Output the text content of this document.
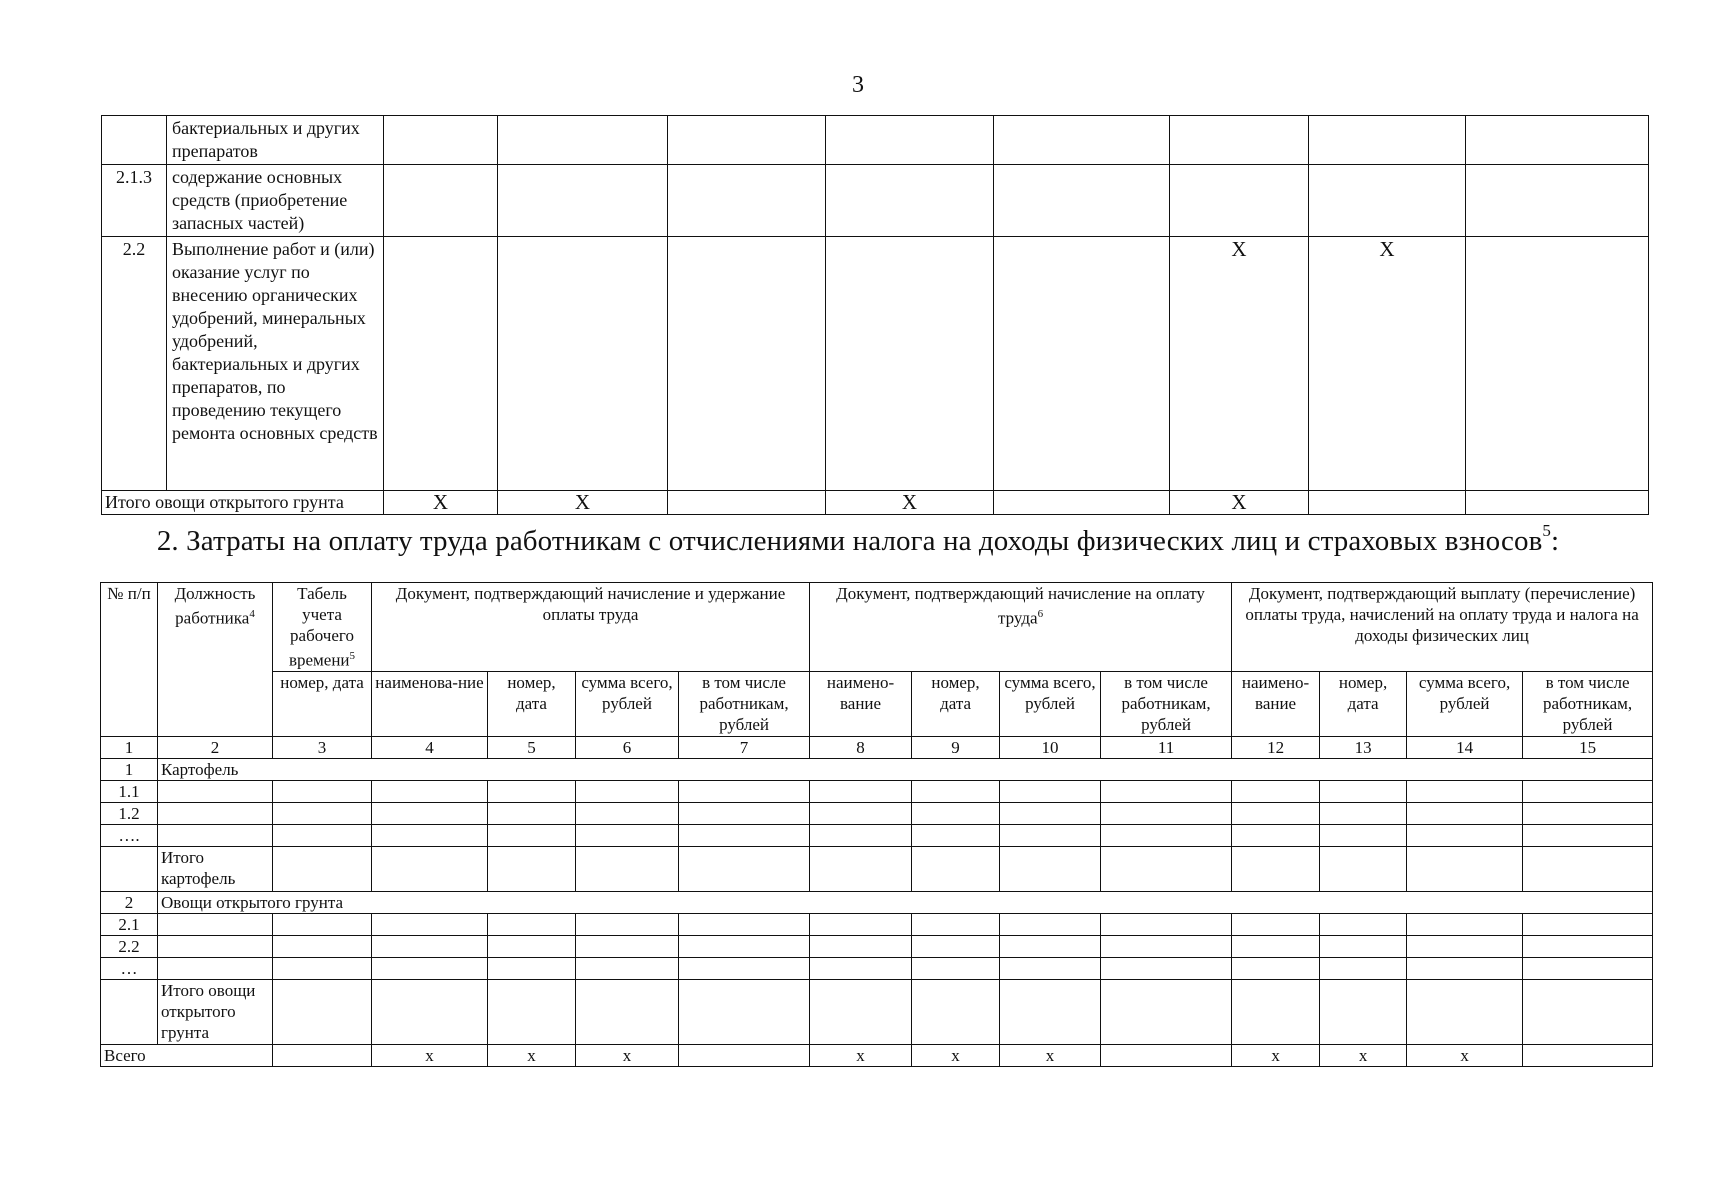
3
	бактериальных и других препаратов								
2.1.3	содержание основных средств (приобретение запасных частей)								
2.2	Выполнение работ и (или) оказание услуг по внесению органических удобрений, минеральных удобрений, бактериальных и других препаратов, по проведению текущего ремонта основных средств						Х	Х	
Итого овощи открытого грунта		Х	Х		Х		Х		
2. Затраты на оплату труда работникам с отчислениями налога на доходы физических лиц и страховых взносов$^5$:
№ п/п	Должность работника$^4$	Табель учета рабочего времени$^5$	Документ, подтверждающий начисление и удержание оплаты труда				Документ, подтверждающий начисление на оплату труда$^6$				Документ, подтверждающий выплату (перечисление) оплаты труда, начислений на оплату труда и налога на доходы физических лиц			
		номер, дата	наименова-ние	номер, дата	сумма всего, рублей	в том числе работникам, рублей	наимено-вание	номер, дата	сумма всего, рублей	в том числе работникам, рублей	наимено-вание	номер, дата	сумма всего, рублей	в том числе работникам, рублей
1	2	3	4	5	6	7	8	9	10	11	12	13	14	15
1	Картофель													
1.1														
1.2														
….														
	Итого картофель													
2	Овощи открытого грунта													
2.1														
2.2														
…														
	Итого овощи открытого грунта													
Всего			х	х	х		х	х	х		х	х	х	
